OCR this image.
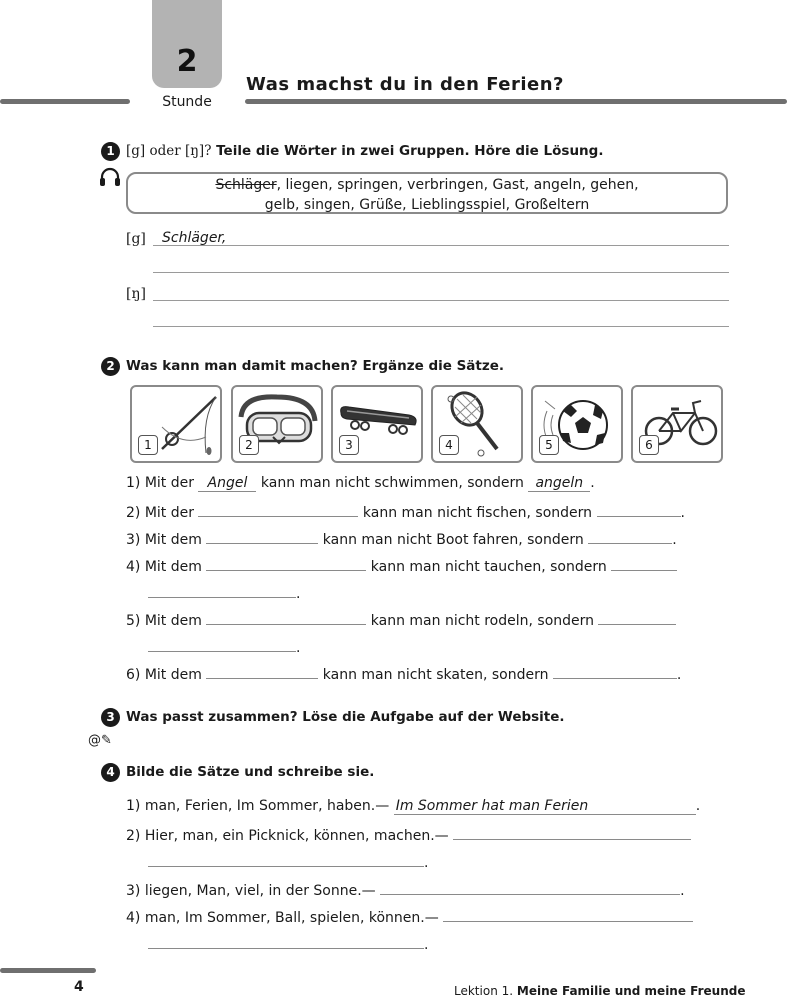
2
Stunde
Was machst du in den Ferien?
1 [g] oder [ŋ]? Teile die Wörter in zwei Gruppen. Höre die Lösung.
Schläger, liegen, springen, verbringen, Gast, angeln, gehen,
gelb, singen, Grüße, Lieblingsspiel, Großeltern
[g] Schläger,
[ŋ]
2 Was kann man damit machen? Ergänze die Sätze.
1	2	3	4	5	6
1) Mit der Angel kann man nicht schwimmen, sondern angeln .
2) Mit der	kann man nicht fischen, sondern	.
3) Mit dem	kann man nicht Boot fahren, sondern	.
4) Mit dem	kann man nicht tauchen, sondern
.
5) Mit dem	kann man nicht rodeln, sondern
.
6) Mit dem	kann man nicht skaten, sondern	.
3 Was passt zusammen? Löse die Aufgabe auf der Website.
@✎
4 Bilde die Sätze und schreibe sie.
1) man, Ferien, Im Sommer, haben.— Im Sommer hat man Ferien	.
2) Hier, man, ein Picknick, können, machen.—
.
3) liegen, Man, viel, in der Sonne.—	.
4) man, Im Sommer, Ball, spielen, können.—
.
4	Lektion 1. Meine Familie und meine Freunde
